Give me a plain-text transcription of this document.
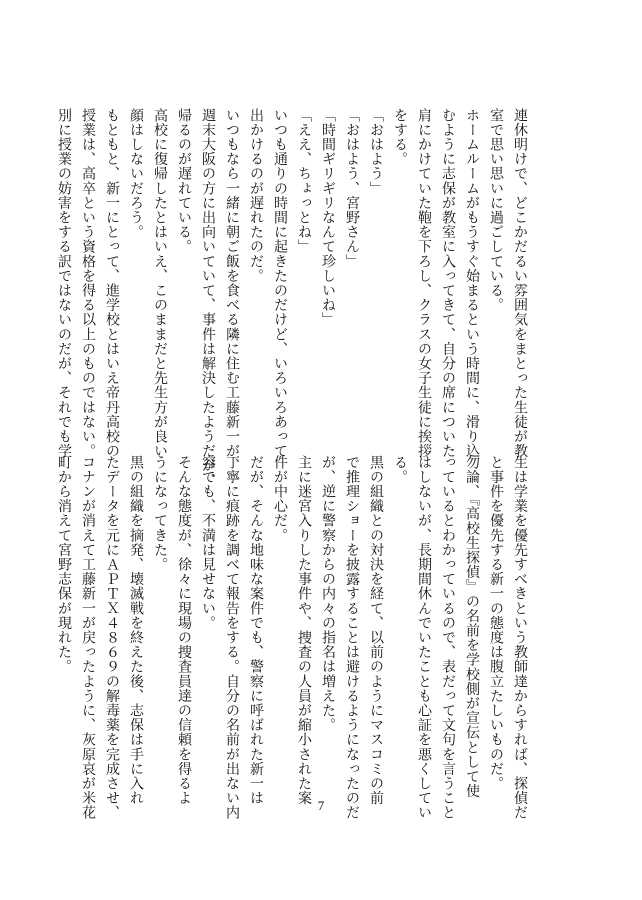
連休明けで、どこかだるい雰囲気をまとった生徒が教
室で思い思いに過ごしている。
ホームルームがもうすぐ始まるという時間に、滑り込
むように志保が教室に入ってきて、自分の席についた
肩にかけていた鞄を下ろし、クラスの女子生徒に挨拶
をする。
「おはよう」
「おはよう、宮野さん」
「時間ギリギリなんて珍しいね」
「ええ、ちょっとね」
いつも通りの時間に起きたのだけど、いろいろあって
出かけるのが遅れたのだ。
いつもなら一緒に朝ご飯を食べる隣に住む工藤新一が、
週末大阪の方に出向いていて、事件は解決したようだが、
帰るのが遅れている。
高校に復帰したとはいえ、このままだと先生方が良い
顔はしないだろう。
もともと、新一にとって、進学校とはいえ帝丹高校の
授業は、高卒という資格を得る以上のものではない。
別に授業の妨害をする訳ではないのだが、それでも学
生は学業を優先すべきという教師達からすれば、探偵だ
と事件を優先する新一の態度は腹立たしいものだ。
勿論、『高校生探偵』の名前を学校側が宣伝として使
っているとわかっているので、表だって文句を言うこと
はしないが、長期間休んでいたことも心証を悪くしてい
る。
黒の組織との対決を経て、以前のようにマスコミの前
で推理ショーを披露することは避けるようになったのだ
が、逆に警察からの内々の指名は増えた。
主に迷宮入りした事件や、捜査の人員が縮小された案
件が中心だ。
だが、そんな地味な案件でも、警察に呼ばれた新一は
丁寧に痕跡を調べて報告をする。自分の名前が出ない内
容でも、不満は見せない。
そんな態度が、徐々に現場の捜査員達の信頼を得るよ
うになってきた。
黒の組織を摘発、壊滅戦を終えた後、志保は手に入れ
たデータを元にＡＰＴＸ４８６９の解毒薬を完成させ、
コナンが消えて工藤新一が戻ったように、灰原哀が米花
町から消えて宮野志保が現れた。
7
